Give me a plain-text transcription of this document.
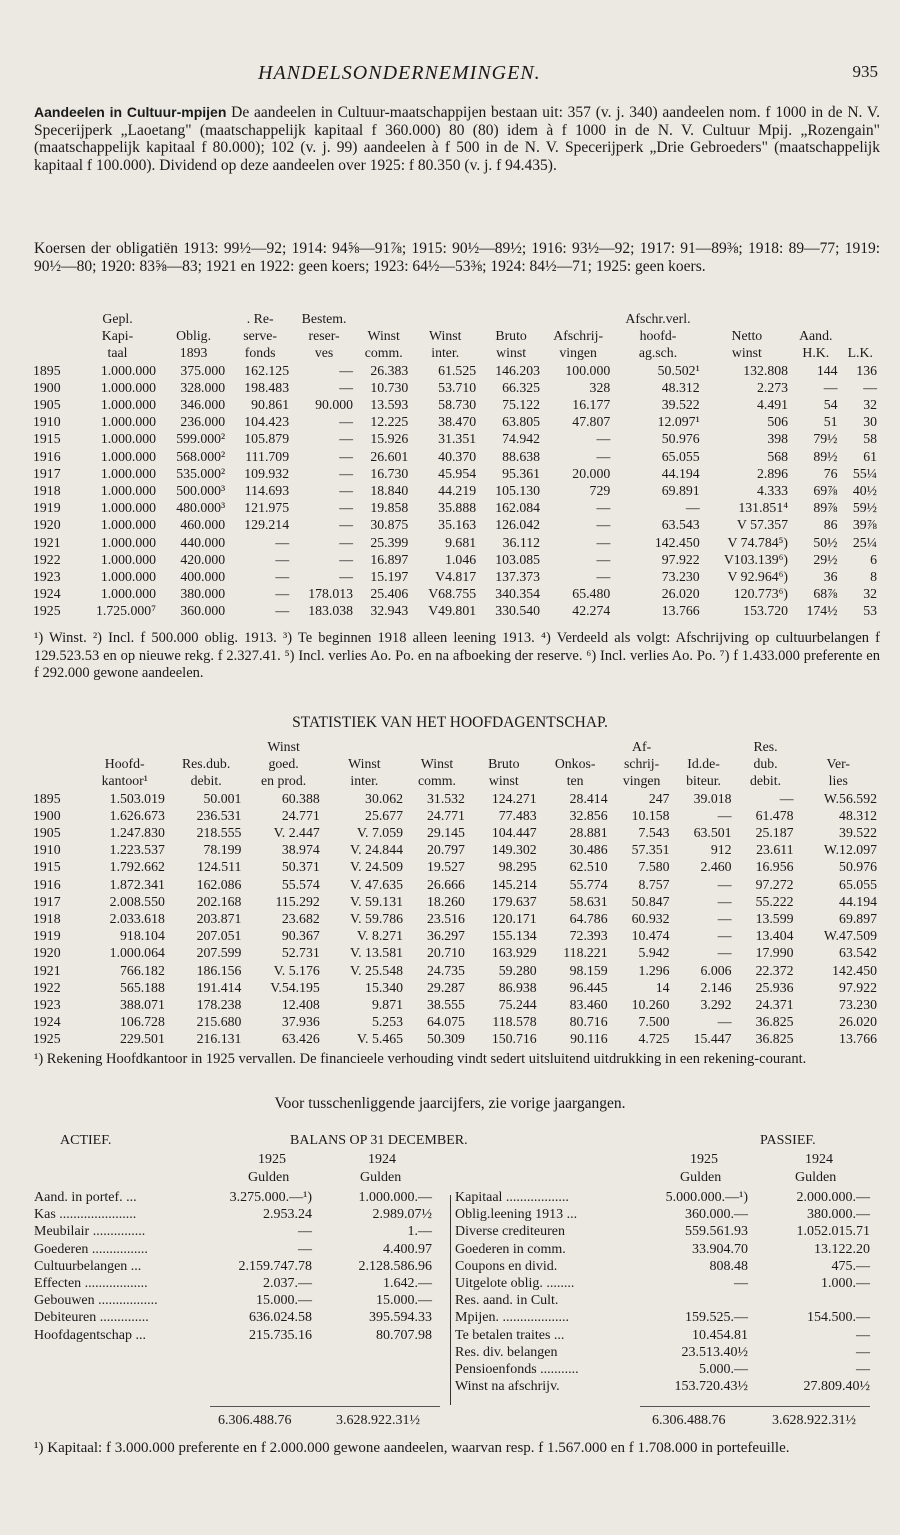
HANDELSONDERNEMINGEN.	935
Aandeelen in Cultuur-mpijen De aandeelen in Cultuur-maatschappijen bestaan uit: 357 (v. j. 340) aandeelen nom. f 1000 in de N. V. Speceriјperk „Laoetang" (maatschappelijk kapitaal f 360.000) 80 (80) idem à f 1000 in de N. V. Cultuur Mpij. „Rozengain" (maatschappelijk kapitaal f 80.000); 102 (v. j. 99) aandeelen à f 500 in de N. V. Specerijperk „Drie Gebroeders" (maatschappelijk kapitaal f 100.000). Dividend op deze aandeelen over 1925: f 80.350 (v. j. f 94.435).
Koersen der obligatiën 1913: 99½—92; 1914: 94⅝—91⅞; 1915: 90½—89½; 1916: 93½—92; 1917: 91—89⅜; 1918: 89—77; 1919: 90½—80; 1920: 83⅝—83; 1921 en 1922: geen koers; 1923: 64½—53⅜; 1924: 84½—71; 1925: geen koers.
	Gepl.		. Re-	Bestem.					Afschr.verl.			
	Kapi-	Oblig.	serve-	reser-	Winst	Winst	Bruto	Afschrij-	hoofd-	Netto	Aand.	
	taal	1893	fonds	ves	comm.	inter.	winst	vingen	ag.sch.	winst	H.K.	L.K.
1895	1.000.000	375.000	162.125	—	26.383	61.525	146.203	100.000	50.502¹	132.808	144	136
1900	1.000.000	328.000	198.483	—	10.730	53.710	66.325	328	48.312	2.273	—	—
1905	1.000.000	346.000	90.861	90.000	13.593	58.730	75.122	16.177	39.522	4.491	54	32
1910	1.000.000	236.000	104.423	—	12.225	38.470	63.805	47.807	12.097¹	506	51	30
1915	1.000.000	599.000²	105.879	—	15.926	31.351	74.942	—	50.976	398	79½	58
1916	1.000.000	568.000²	111.709	—	26.601	40.370	88.638	—	65.055	568	89½	61
1917	1.000.000	535.000²	109.932	—	16.730	45.954	95.361	20.000	44.194	2.896	76	55¼
1918	1.000.000	500.000³	114.693	—	18.840	44.219	105.130	729	69.891	4.333	69⅞	40½
1919	1.000.000	480.000³	121.975	—	19.858	35.888	162.084	—	—	131.851⁴	89⅞	59½
1920	1.000.000	460.000	129.214	—	30.875	35.163	126.042	—	63.543	V 57.357	86	39⅞
1921	1.000.000	440.000	—	—	25.399	9.681	36.112	—	142.450	V 74.784⁵)	50½	25¼
1922	1.000.000	420.000	—	—	16.897	1.046	103.085	—	97.922	V103.139⁶)	29½	6
1923	1.000.000	400.000	—	—	15.197	V4.817	137.373	—	73.230	V 92.964⁶)	36	8
1924	1.000.000	380.000	—	178.013	25.406	V68.755	340.354	65.480	26.020	120.773⁶)	68⅞	32
1925	1.725.000⁷	360.000	—	183.038	32.943	V49.801	330.540	42.274	13.766	153.720	174½	53
¹) Winst. ²) Incl. f 500.000 oblig. 1913. ³) Te beginnen 1918 alleen leening 1913. ⁴) Verdeeld als volgt: Afschrijving op cultuurbelangen f 129.523.53 en op nieuwe rekg. f 2.327.41. ⁵) Incl. verlies Ao. Po. en na afboeking der reserve. ⁶) Incl. verlies Ao. Po. ⁷) f 1.433.000 preferente en f 292.000 gewone aandeelen.
STATISTIEK VAN HET HOOFDAGENTSCHAP.
			Winst					Af-		Res.	
	Hoofd-	Res.dub.	goed.	Winst	Winst	Bruto	Onkos-	schrij-	Id.de-	dub.	Ver-
	kantoor¹	debit.	en prod.	inter.	comm.	winst	ten	vingen	biteur.	debit.	lies
1895	1.503.019	50.001	60.388	30.062	31.532	124.271	28.414	247	39.018	—	W.56.592
1900	1.626.673	236.531	24.771	25.677	24.771	77.483	32.856	10.158	—	61.478	48.312
1905	1.247.830	218.555	V. 2.447	V. 7.059	29.145	104.447	28.881	7.543	63.501	25.187	39.522
1910	1.223.537	78.199	38.974	V. 24.844	20.797	149.302	30.486	57.351	912	23.611	W.12.097
1915	1.792.662	124.511	50.371	V. 24.509	19.527	98.295	62.510	7.580	2.460	16.956	50.976
1916	1.872.341	162.086	55.574	V. 47.635	26.666	145.214	55.774	8.757	—	97.272	65.055
1917	2.008.550	202.168	115.292	V. 59.131	18.260	179.637	58.631	50.847	—	55.222	44.194
1918	2.033.618	203.871	23.682	V. 59.786	23.516	120.171	64.786	60.932	—	13.599	69.897
1919	918.104	207.051	90.367	V. 8.271	36.297	155.134	72.393	10.474	—	13.404	W.47.509
1920	1.000.064	207.599	52.731	V. 13.581	20.710	163.929	118.221	5.942	—	17.990	63.542
1921	766.182	186.156	V. 5.176	V. 25.548	24.735	59.280	98.159	1.296	6.006	22.372	142.450
1922	565.188	191.414	V.54.195	15.340	29.287	86.938	96.445	14	2.146	25.936	97.922
1923	388.071	178.238	12.408	9.871	38.555	75.244	83.460	10.260	3.292	24.371	73.230
1924	106.728	215.680	37.936	5.253	64.075	118.578	80.716	7.500	—	36.825	26.020
1925	229.501	216.131	63.426	V. 5.465	50.309	150.716	90.116	4.725	15.447	36.825	13.766
¹) Rekening Hoofdkantoor in 1925 vervallen. De financieele verhouding vindt sedert uitsluitend uitdrukking in een rekening-courant.
Voor tusschenliggende jaarcijfers, zie vorige jaargangen.
ACTIEF.	BALANS OP 31 DECEMBER.	PASSIEF.
1925	1924
Gulden	Gulden
1925	1924
Gulden	Gulden
Aand. in portef. ...	3.275.000.—¹)	1.000.000.—
Kas ......................	2.953.24	2.989.07½
Meubilair ...............	—	1.—
Goederen ................	—	4.400.97
Cultuurbelangen ...	2.159.747.78	2.128.586.96
Effecten ..................	2.037.—	1.642.—
Gebouwen .................	15.000.—	15.000.—
Debiteuren ..............	636.024.58	395.594.33
Hoofdagentschap ...	215.735.16	80.707.98
Kapitaal ..................	5.000.000.—¹)	2.000.000.—
Oblig.leening 1913 ...	360.000.—	380.000.—
Diverse crediteuren	559.561.93	1.052.015.71
Goederen in comm.	33.904.70	13.122.20
Coupons en divid.	808.48	475.—
Uitgelote oblig. ........	—	1.000.—
Res. aand. in Cult.
Mpijen. ...................	159.525.—	154.500.—
Te betalen traites ...	10.454.81	—
Res. div. belangen	23.513.40½	—
Pensioenfonds ...........	5.000.—	—
Winst na afschrijv.	153.720.43½	27.809.40½
6.306.488.76	3.628.922.31½	6.306.488.76	3.628.922.31½
¹) Kapitaal: f 3.000.000 preferente en f 2.000.000 gewone aandeelen, waarvan resp. f 1.567.000 en f 1.708.000 in portefeuille.
